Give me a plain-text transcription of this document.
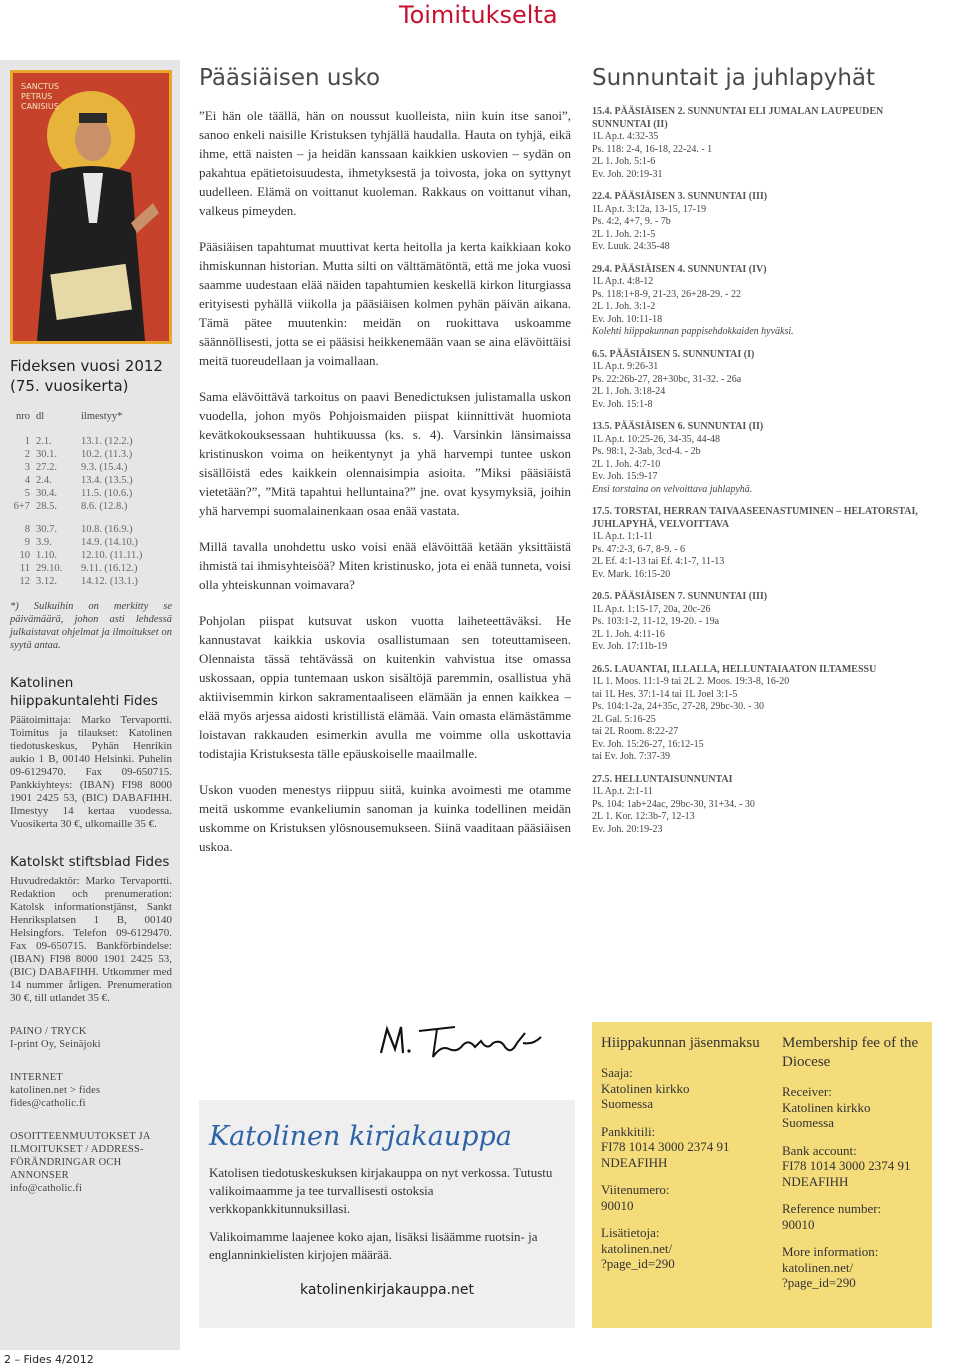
Toimitukselta
SANCTUS
PETRUS
CANISIUS
Fideksen vuosi 2012 (75. vuosikerta)
nro dl	ilmestyy*
1 2.1.	13.1. (12.2.)
2 30.1.	10.2. (11.3.)
3 27.2.	9.3. (15.4.)
4 2.4.	13.4. (13.5.)
5 30.4.	11.5. (10.6.)
6+7 28.5.	8.6. (12.8.)
8 30.7.	10.8. (16.9.)
9 3.9.	14.9. (14.10.)
10 1.10.	12.10. (11.11.)
11 29.10.	9.11. (16.12.)
12 3.12.	14.12. (13.1.)
*) Sulkuihin on merkitty se päivämäärä, johon asti lehdessä julkaistavat ohjelmat ja ilmoitukset on syytä antaa.
Katolinen hiippakuntalehti Fides
Päätoimittaja: Marko Tervaportti. Toimitus ja tilaukset: Katolinen tiedotuskeskus, Pyhän Henrikin aukio 1 B, 00140 Helsinki. Puhelin 09-6129470. Fax 09-650715. Pankkiyhteys: (IBAN) FI98 8000 1901 2425 53, (BIC) DABAFIHH. Ilmestyy 14 kertaa vuodessa. Vuosikerta 30 €, ulkomaille 35 €.
Katolskt stiftsblad Fides
Huvudredaktör: Marko Tervaportti. Redaktion och prenumeration: Katolsk informationstjänst, Sankt Henriksplatsen 1 B, 00140 Helsingfors. Telefon 09-6129470. Fax 09-650715. Bankförbindelse: (IBAN) FI98 8000 1901 2425 53, (BIC) DABAFIHH. Utkommer med 14 nummer årligen. Prenumeration 30 €, till utlandet 35 €.
PAINO / TRYCK
I-print Oy, Seinäjoki
INTERNET
katolinen.net > fides
fides@catholic.fi
OSOITTEENMUUTOKSET JA ILMOITUKSET / ADDRESS-FÖRÄNDRINGAR OCH ANNONSER
info@catholic.fi
Pääsiäisen usko

”Ei hän ole täällä, hän on noussut kuolleista, niin kuin itse sanoi”, sanoo enkeli naisille Kristuksen tyhjällä haudalla. Hauta on tyhjä, eikä ihme, että naisten – ja heidän kanssaan kaikkien uskovien – sydän on pakahtua epätietoisuudesta, ihmetyksestä ja toivosta, joka on syttynyt uudelleen. Elämä on voittanut kuoleman. Rakkaus on voittanut vihan, valkeus pimeyden.

Pääsiäisen tapahtumat muuttivat kerta heitolla ja kerta kaikkiaan koko ihmiskunnan historian. Mutta silti on välttämätöntä, että me joka vuosi saamme uudestaan elää näiden tapahtumien keskellä kirkon liturgiassa erityisesti pyhällä viikolla ja pääsiäisen kolmen pyhän päivän aikana. Tämä pätee muutenkin: meidän on ruokittava uskoamme säännöllisesti, jotta se ei pääsisi heikkenemään vaan se aina elävöittäisi meitä tuoreudellaan ja voimallaan.

Sama elävöittävä tarkoitus on paavi Benedictuksen julistamalla uskon vuodella, johon myös Pohjoismaiden piispat kiinnittivät huomiota kevätkokouksessaan huhtikuussa (ks. s. 4). Varsinkin länsimaissa kristinuskon voima on heikentynyt ja yhä harvempi tuntee uskon sisällöistä edes kaikkein olennaisimpia asioita. ”Miksi pääsiäistä vietetään?”, ”Mitä tapahtui helluntaina?” jne. ovat kysymyksiä, joihin yhä harvempi suomalainenkaan osaa enää vastata.

Millä tavalla unohdettu usko voisi enää elävöittää ketään yksittäistä ihmistä tai ihmisyhteisöä? Miten kristinusko, jota ei enää tunneta, voisi olla yhteiskunnan voimavara?

Pohjolan piispat kutsuvat uskon vuotta laiheteettäväksi. He kannustavat kaikkia uskovia osallistumaan sen toteuttamiseen. Olennaista tässä tehtävässä on kuitenkin vahvistua itse omassa uskossaan, oppia tuntemaan uskon sisältöjä paremmin, osallistua yhä aktiivisemmin kirkon sakramentaaliseen elämään ja ennen kaikkea – elää myös arjessa aidosti kristillistä elämää. Vain omasta elämästämme loistavan rakkauden esimerkin avulla me voimme olla uskottavia todistajia Kristuksesta tälle epäuskoiselle maailmalle.

Uskon vuoden menestys riippuu siitä, kuinka avoimesti me otamme meitä uskomme evankeliumin sanoman ja kuinka todellinen meidän uskomme on Kristuksen ylösnousemukseen. Siinä vaaditaan pääsiäisen uskoa.

Katolinen kirjakauppa

Katolisen tiedotuskeskuksen kirjakauppa on nyt verkossa. Tutustu valikoimaamme ja tee turvallisesti ostoksia verkkopankkitunnuksillasi.

Valikoimamme laajenee koko ajan, lisäksi lisäämme ruotsin- ja englanninkielisten kirjojen määrää.

katolinenkirjakauppa.net
Sunnuntait ja juhlapyhät
15.4. PÄÄSIÄISEN 2. SUNNUNTAI ELI JUMALAN LAUPEUDEN SUNNUNTAI (II)
1L Ap.t. 4:32-35
Ps. 118: 2-4, 16-18, 22-24. - 1
2L 1. Joh. 5:1-6
Ev. Joh. 20:19-31
22.4. PÄÄSIÄISEN 3. SUNNUNTAI (III)
1L Ap.t. 3:12a, 13-15, 17-19
Ps. 4:2, 4+7, 9. - 7b
2L 1. Joh. 2:1-5
Ev. Luuk. 24:35-48
29.4. PÄÄSIÄISEN 4. SUNNUNTAI (IV)
1L Ap.t. 4:8-12
Ps. 118:1+8-9, 21-23, 26+28-29. - 22
2L 1. Joh. 3:1-2
Ev. Joh. 10:11-18
Kolehti hiippakunnan pappisehdokkaiden hyväksi.
6.5. PÄÄSIÄISEN 5. SUNNUNTAI (I)
1L Ap.t. 9:26-31
Ps. 22:26b-27, 28+30bc, 31-32. - 26a
2L 1. Joh. 3:18-24
Ev. Joh. 15:1-8
13.5. PÄÄSIÄISEN 6. SUNNUNTAI (II)
1L Ap.t. 10:25-26, 34-35, 44-48
Ps. 98:1, 2-3ab, 3cd-4. - 2b
2L 1. Joh. 4:7-10
Ev. Joh. 15:9-17
Ensi torstaina on velvoittava juhlapyhä.
17.5. TORSTAI, HERRAN TAIVAASEENASTUMINEN – HELATORSTAI, JUHLAPYHÄ, VELVOITTAVA
1L Ap.t. 1:1-11
Ps. 47:2-3, 6-7, 8-9. - 6
2L Ef. 4:1-13 tai Ef. 4:1-7, 11-13
Ev. Mark. 16:15-20
20.5. PÄÄSIÄISEN 7. SUNNUNTAI (III)
1L Ap.t. 1:15-17, 20a, 20c-26
Ps. 103:1-2, 11-12, 19-20. - 19a
2L 1. Joh. 4:11-16
Ev. Joh. 17:11b-19
26.5. LAUANTAI, ILLALLA, HELLUNTAIAATON ILTAMESSU
1L 1. Moos. 11:1-9 tai 2L 2. Moos. 19:3-8, 16-20
tai 1L Hes. 37:1-14 tai 1L Joel 3:1-5
Ps. 104:1-2a, 24+35c, 27-28, 29bc-30. - 30
2L Gal. 5:16-25
tai 2L Room. 8:22-27
Ev. Joh. 15:26-27, 16:12-15
tai Ev. Joh. 7:37-39
27.5. HELLUNTAISUNNUNTAI
1L Ap.t. 2:1-11
Ps. 104: 1ab+24ac, 29bc-30, 31+34. - 30
2L 1. Kor. 12:3b-7, 12-13
Ev. Joh. 20:19-23
Hiippakunnan jäsenmaksu
Saaja:
Katolinen kirkko
Suomessa
Pankkitili:
FI78 1014 3000 2374 91
NDEAFIHH
Viitenumero:
90010
Lisätietoja:
katolinen.net/
?page_id=290
Membership fee of the Diocese
Receiver:
Katolinen kirkko
Suomessa
Bank account:
FI78 1014 3000 2374 91
NDEAFIHH
Reference number:
90010
More information:
katolinen.net/
?page_id=290
2 – Fides 4/2012
